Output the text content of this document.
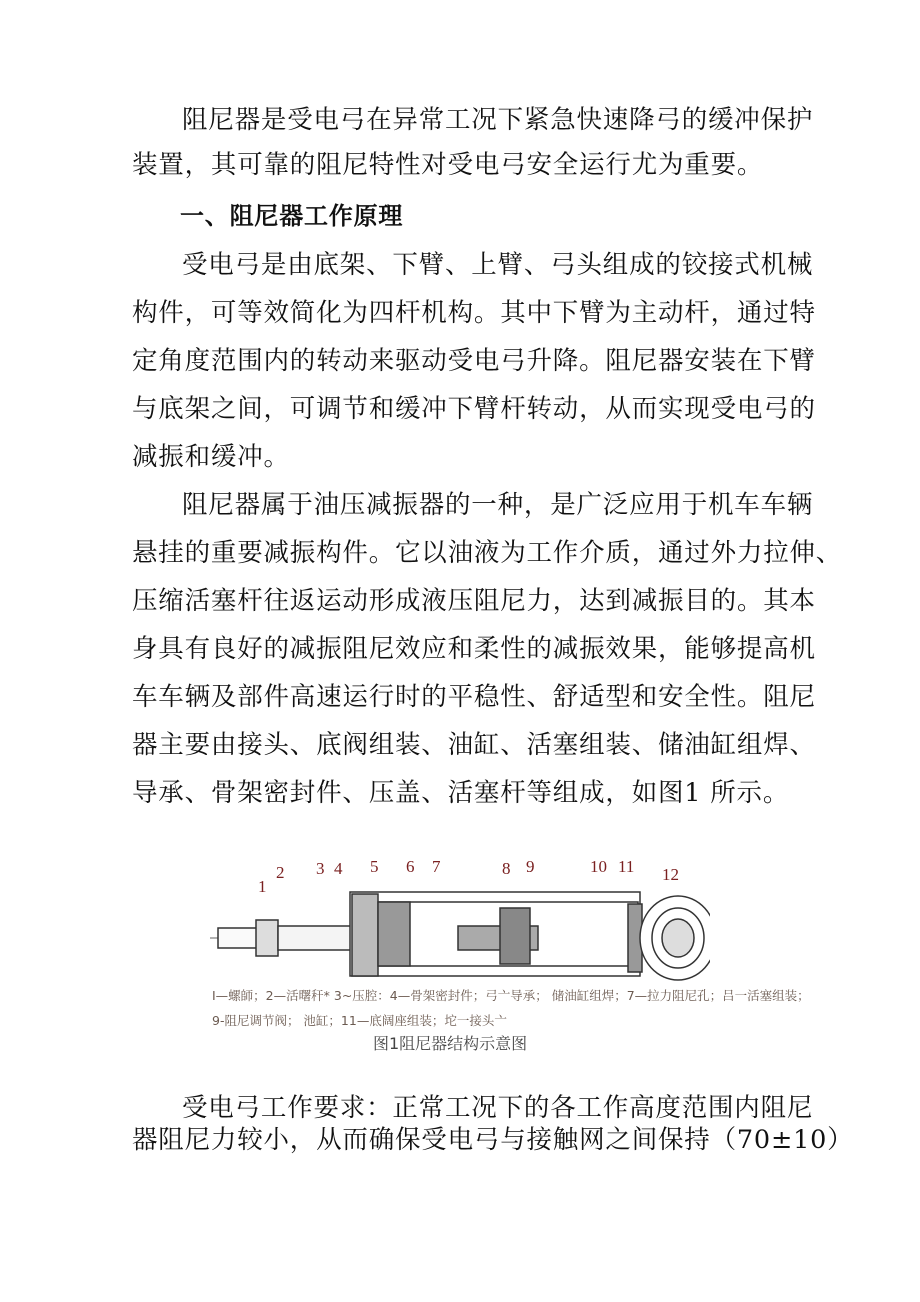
阻尼器是受电弓在异常工况下紧急快速降弓的缓冲保护
装置，其可靠的阻尼特性对受电弓安全运行尤为重要。
一、阻尼器工作原理
受电弓是由底架、下臂、上臂、弓头组成的铰接式机械
构件，可等效简化为四杆机构。其中下臂为主动杆，通过特
定角度范围内的转动来驱动受电弓升降。阻尼器安装在下臂
与底架之间，可调节和缓冲下臂杆转动，从而实现受电弓的
减振和缓冲。
阻尼器属于油压减振器的一种，是广泛应用于机车车辆
悬挂的重要减振构件。它以油液为工作介质，通过外力拉伸、
压缩活塞杆往返运动形成液压阻尼力，达到减振目的。其本
身具有良好的减振阻尼效应和柔性的减振效果，能够提高机
车车辆及部件高速运行时的平稳性、舒适型和安全性。阻尼
器主要由接头、底阀组装、油缸、活塞组装、储油缸组焊、
导承、骨架密封件、压盖、活塞杆等组成，如图1 所示。
1
2 3 4 5 6 7	8 9	10 11 12
I—螺師；2—活曙秆* 3~压腔：4—骨架密封件；弓亠导承； 储油缸组焊；7—拉力阻尼孔；吕一活塞组装；
9-阻尼调节阀； 池缸；11—底阔座组装；坨一接头亠
图1阻尼器结构示意图
受电弓工作要求：正常工况下的各工作高度范围内阻尼
器阻尼力较小，从而确保受电弓与接触网之间保持（70±10）
